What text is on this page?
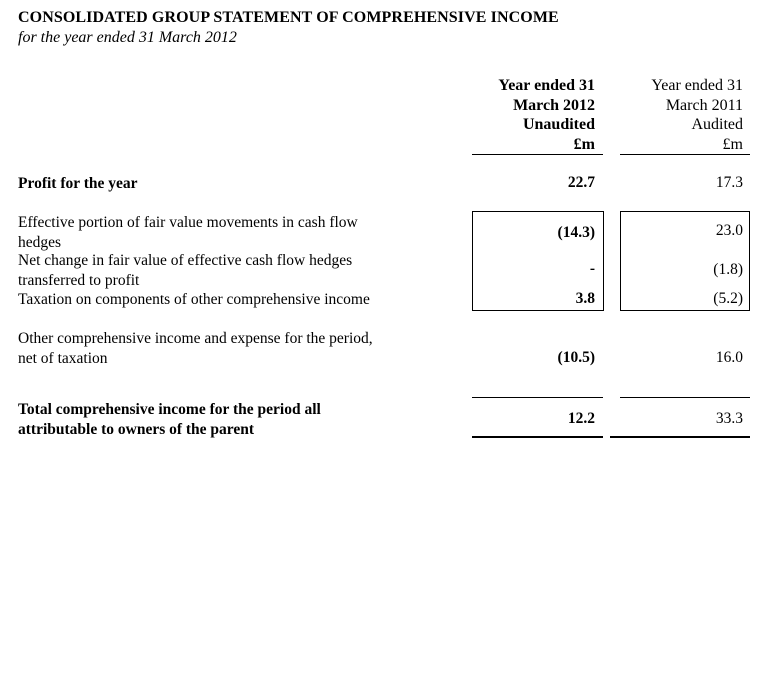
CONSOLIDATED GROUP STATEMENT OF COMPREHENSIVE INCOME
for the year ended 31 March 2012
Year ended 31
March 2012
Unaudited
£m
Year ended 31
March 2011
Audited
£m
Profit for the year	22.7	17.3
Effective portion of fair value movements in cash flow
hedges
(14.3)	23.0
Net change in fair value of effective cash flow hedges
transferred to profit
-	(1.8)
Taxation on components of other comprehensive income	3.8	(5.2)
Other comprehensive income and expense for the period,
net of taxation	(10.5)	16.0
Total comprehensive income for the period all
attributable to owners of the parent
12.2	33.3
